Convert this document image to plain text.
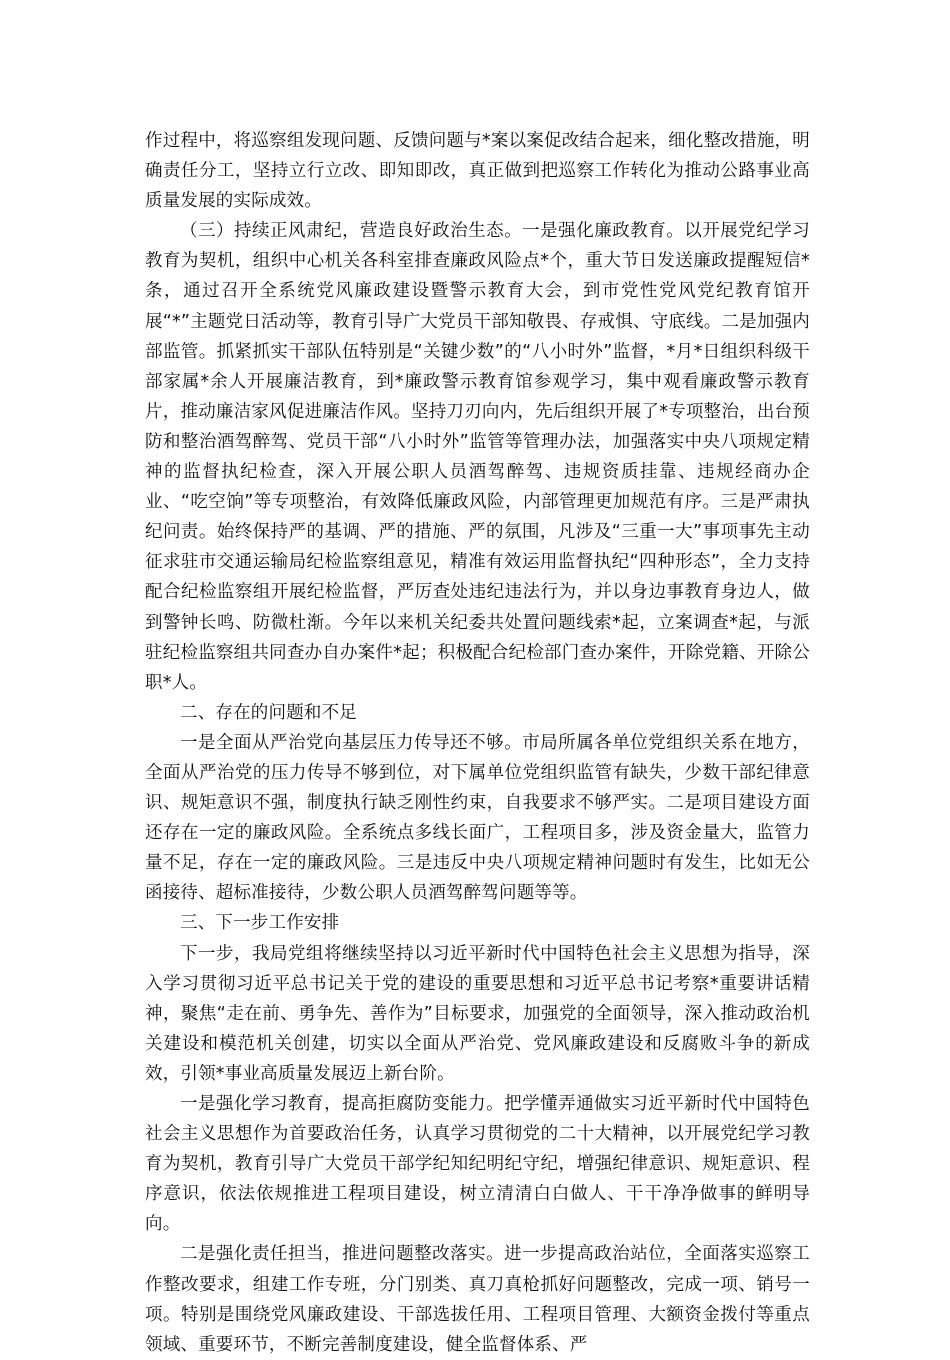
作过程中，将巡察组发现问题、反馈问题与*案以案促改结合起来，细化整改措施，明确责任分工，坚持立行立改、即知即改，真正做到把巡察工作转化为推动公路事业高质量发展的实际成效。

（三）持续正风肃纪，营造良好政治生态。一是强化廉政教育。以开展党纪学习教育为契机，组织中心机关各科室排查廉政风险点*个，重大节日发送廉政提醒短信*条，通过召开全系统党风廉政建设暨警示教育大会，到市党性党风党纪教育馆开展“*”主题党日活动等，教育引导广大党员干部知敬畏、存戒惧、守底线。二是加强内部监管。抓紧抓实干部队伍特别是“关键少数”的“八小时外”监督，*月*日组织科级干部家属*余人开展廉洁教育，到*廉政警示教育馆参观学习，集中观看廉政警示教育片，推动廉洁家风促进廉洁作风。坚持刀刃向内，先后组织开展了*专项整治，出台预防和整治酒驾醉驾、党员干部“八小时外”监管等管理办法，加强落实中央八项规定精神的监督执纪检查，深入开展公职人员酒驾醉驾、违规资质挂靠、违规经商办企业、“吃空饷”等专项整治，有效降低廉政风险，内部管理更加规范有序。三是严肃执纪问责。始终保持严的基调、严的措施、严的氛围，凡涉及“三重一大”事项事先主动征求驻市交通运输局纪检监察组意见，精准有效运用监督执纪“四种形态”，全力支持配合纪检监察组开展纪检监督，严厉查处违纪违法行为，并以身边事教育身边人，做到警钟长鸣、防微杜渐。今年以来机关纪委共处置问题线索*起，立案调查*起，与派驻纪检监察组共同查办自办案件*起；积极配合纪检部门查办案件，开除党籍、开除公职*人。

二、存在的问题和不足

一是全面从严治党向基层压力传导还不够。市局所属各单位党组织关系在地方，全面从严治党的压力传导不够到位，对下属单位党组织监管有缺失，少数干部纪律意识、规矩意识不强，制度执行缺乏刚性约束，自我要求不够严实。二是项目建设方面还存在一定的廉政风险。全系统点多线长面广，工程项目多，涉及资金量大，监管力量不足，存在一定的廉政风险。三是违反中央八项规定精神问题时有发生，比如无公函接待、超标准接待，少数公职人员酒驾醉驾问题等等。

三、下一步工作安排

下一步，我局党组将继续坚持以习近平新时代中国特色社会主义思想为指导，深入学习贯彻习近平总书记关于党的建设的重要思想和习近平总书记考察*重要讲话精神，聚焦“走在前、勇争先、善作为”目标要求，加强党的全面领导，深入推动政治机关建设和模范机关创建，切实以全面从严治党、党风廉政建设和反腐败斗争的新成效，引领*事业高质量发展迈上新台阶。

一是强化学习教育，提高拒腐防变能力。把学懂弄通做实习近平新时代中国特色社会主义思想作为首要政治任务，认真学习贯彻党的二十大精神，以开展党纪学习教育为契机，教育引导广大党员干部学纪知纪明纪守纪，增强纪律意识、规矩意识、程序意识，依法依规推进工程项目建设，树立清清白白做人、干干净净做事的鲜明导向。

二是强化责任担当，推进问题整改落实。进一步提高政治站位，全面落实巡察工作整改要求，组建工作专班，分门别类、真刀真枪抓好问题整改，完成一项、销号一项。特别是围绕党风廉政建设、干部选拔任用、工程项目管理、大额资金拨付等重点领域、重要环节，不断完善制度建设，健全监督体系、严
